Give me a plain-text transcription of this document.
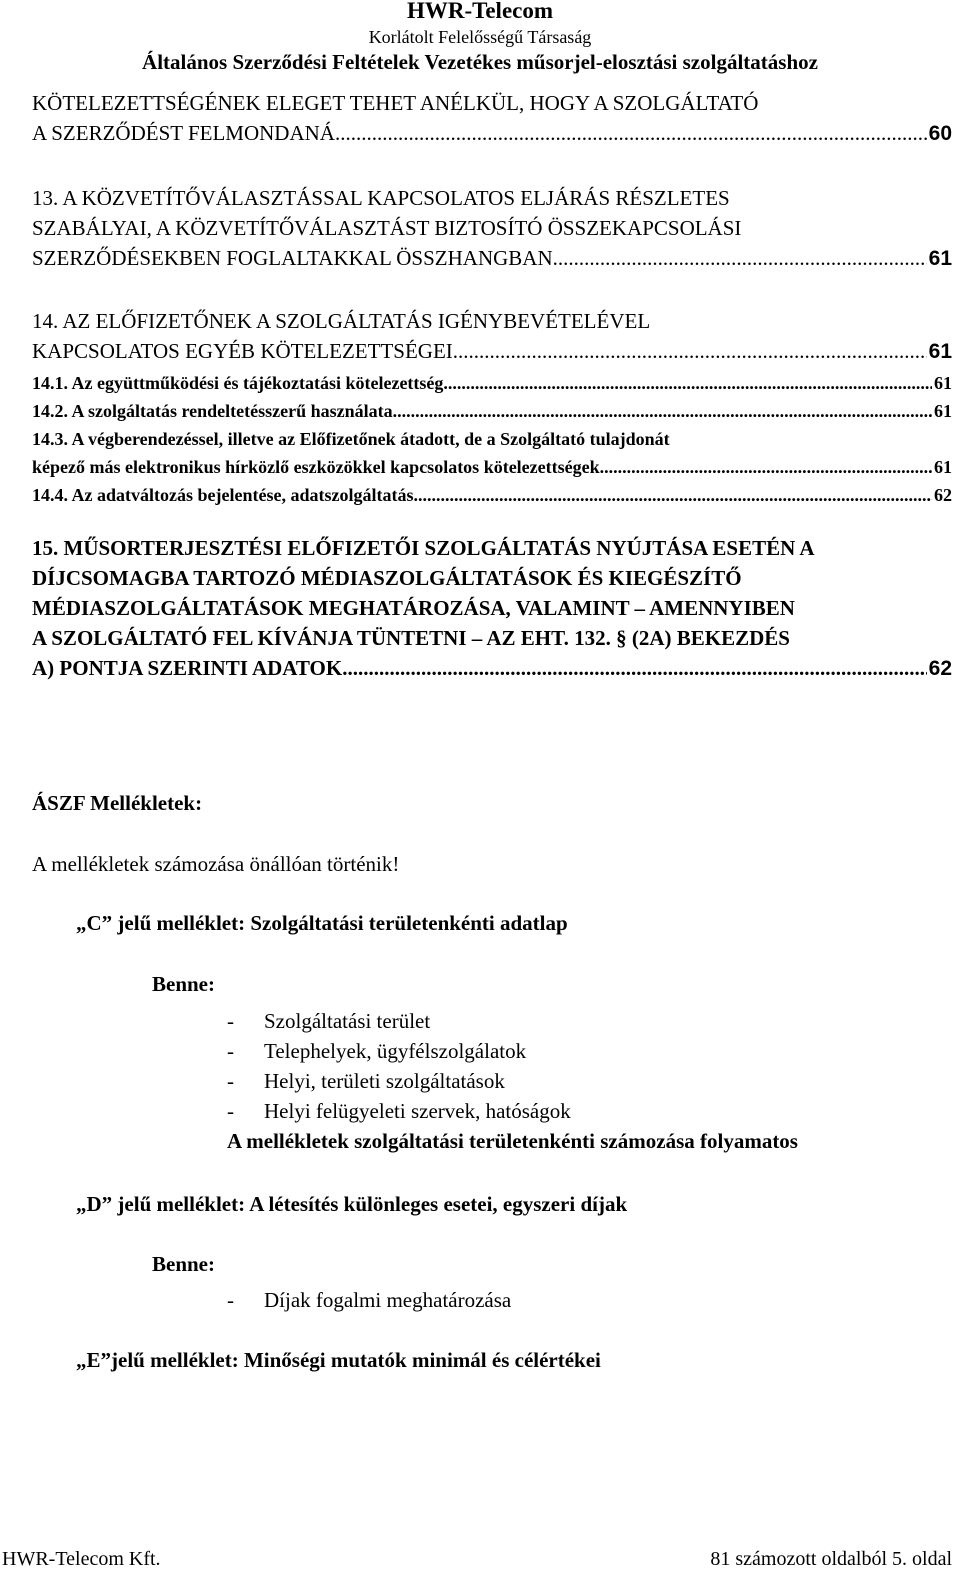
HWR-Telecom
Korlátolt Felelősségű Társaság
Általános Szerződési Feltételek Vezetékes műsorjel-elosztási szolgáltatáshoz
KÖTELEZETTSÉGÉNEK ELEGET TEHET ANÉLKÜL, HOGY A SZOLGÁLTATÓ
A SZERZŐDÉST FELMONDANÁ .....	60
13. A KÖZVETÍTŐVÁLASZTÁSSAL KAPCSOLATOS ELJÁRÁS RÉSZLETES
SZABÁLYAI, A KÖZVETÍTŐVÁLASZTÁST BIZTOSÍTÓ ÖSSZEKAPCSOLÁSI
SZERZŐDÉSEKBEN FOGLALTAKKAL ÖSSZHANGBAN .....	61
14. AZ ELŐFIZETŐNEK A SZOLGÁLTATÁS IGÉNYBEVÉTELÉVEL
KAPCSOLATOS EGYÉB KÖTELEZETTSÉGEI .....	61
14.1. Az együttműködési és tájékoztatási kötelezettség .....	61
14.2. A szolgáltatás rendeltetésszerű használata .....	61
14.3. A végberendezéssel, illetve az Előfizetőnek átadott, de a Szolgáltató tulajdonát
képező más elektronikus hírközlő eszközökkel kapcsolatos kötelezettségek .....	61
14.4. Az adatváltozás bejelentése, adatszolgáltatás .....	62
15. MŰSORTERJESZTÉSI ELŐFIZETŐI SZOLGÁLTATÁS NYÚJTÁSA ESETÉN A
DÍJCSOMAGBA TARTOZÓ MÉDIASZOLGÁLTATÁSOK ÉS KIEGÉSZÍTŐ
MÉDIASZOLGÁLTATÁSOK MEGHATÁROZÁSA, VALAMINT – AMENNYIBEN
A SZOLGÁLTATÓ FEL KÍVÁNJA TÜNTETNI – AZ EHT. 132. § (2A) BEKEZDÉS
A) PONTJA SZERINTI ADATOK. .....	62
ÁSZF Mellékletek:
A mellékletek számozása önállóan történik!
„C” jelű melléklet: Szolgáltatási területenkénti adatlap
Benne:
- Szolgáltatási terület
- Telephelyek, ügyfélszolgálatok
- Helyi, területi szolgáltatások
- Helyi felügyeleti szervek, hatóságok
A mellékletek szolgáltatási területenkénti számozása folyamatos
„D” jelű melléklet: A létesítés különleges esetei, egyszeri díjak
Benne:
- Díjak fogalmi meghatározása
„E”jelű melléklet: Minőségi mutatók minimál és célértékei
HWR-Telecom Kft.	81 számozott oldalból 5. oldal
